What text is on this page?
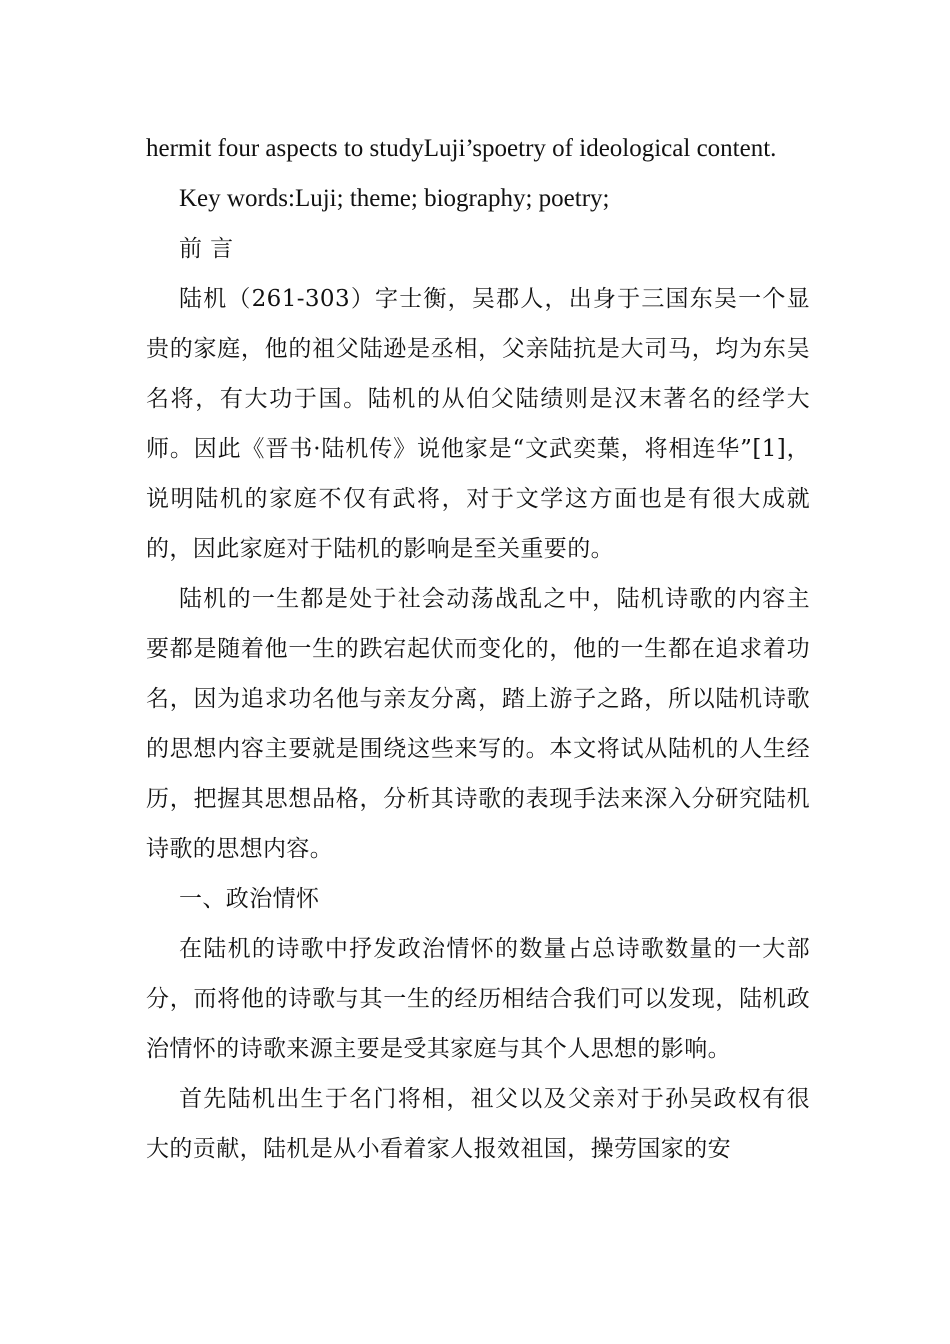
hermit four aspects to studyLuji’spoetry of ideological content.

Key words:Luji; theme; biography; poetry;

前 言

陆机（261-303）字士衡，吴郡人，出身于三国东吴一个显贵的家庭，他的祖父陆逊是丞相，父亲陆抗是大司马，均为东吴名将，有大功于国。陆机的从伯父陆绩则是汉末著名的经学大师。因此《晋书·陆机传》说他家是“文武奕葉，将相连华”[1]，说明陆机的家庭不仅有武将，对于文学这方面也是有很大成就的，因此家庭对于陆机的影响是至关重要的。

陆机的一生都是处于社会动荡战乱之中，陆机诗歌的内容主要都是随着他一生的跌宕起伏而变化的，他的一生都在追求着功名，因为追求功名他与亲友分离，踏上游子之路，所以陆机诗歌的思想内容主要就是围绕这些来写的。本文将试从陆机的人生经历，把握其思想品格，分析其诗歌的表现手法来深入分研究陆机诗歌的思想内容。

一、政治情怀

在陆机的诗歌中抒发政治情怀的数量占总诗歌数量的一大部分，而将他的诗歌与其一生的经历相结合我们可以发现，陆机政治情怀的诗歌来源主要是受其家庭与其个人思想的影响。

首先陆机出生于名门将相，祖父以及父亲对于孙吴政权有很大的贡献，陆机是从小看着家人报效祖国，操劳国家的安
